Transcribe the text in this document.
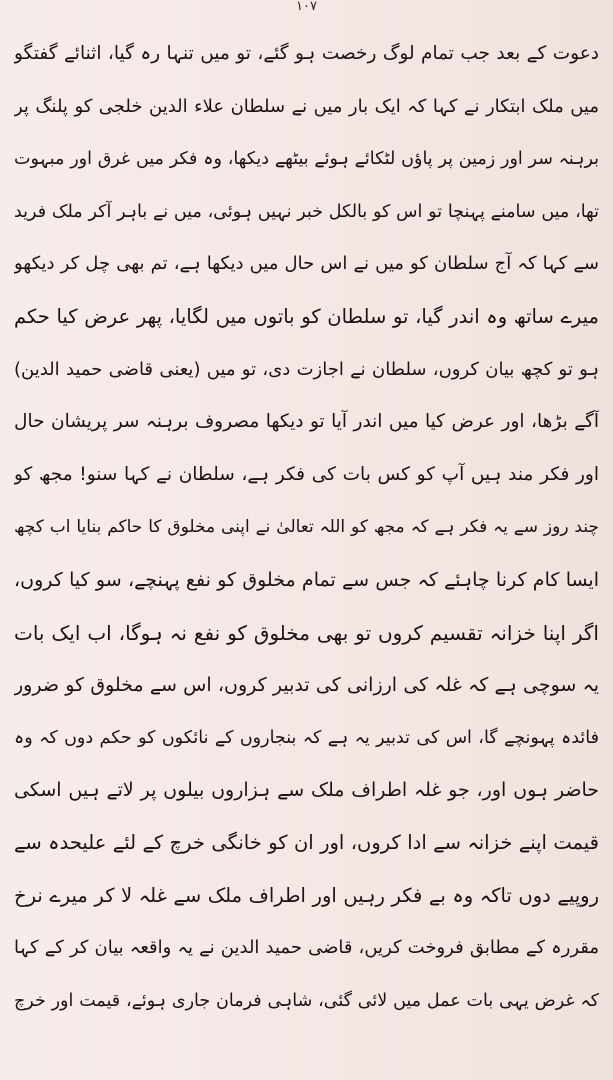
۱۰۷
دعوت کے بعد جب تمام لوگ رخصت ہو گئے، تو میں تنہا رہ گیا، اثنائے گفتگو
میں ملک ابتکار نے کہا کہ ایک بار میں نے سلطان علاء الدین خلجی کو پلنگ پر
برہنہ سر اور زمین پر پاؤں لٹکائے ہوئے بیٹھے دیکھا، وہ فکر میں غرق اور مبہوت
تھا، میں سامنے پہنچا تو اس کو بالکل خبر نہیں ہوئی، میں نے باہر آکر ملک فرید
سے کہا کہ آج سلطان کو میں نے اس حال میں دیکھا ہے، تم بھی چل کر دیکھو
میرے ساتھ وہ اندر گیا، تو سلطان کو باتوں میں لگایا، پھر عرض کیا حکم
ہو تو کچھ بیان کروں، سلطان نے اجازت دی، تو میں (یعنی قاضی حمید الدین)
آگے بڑھا، اور عرض کیا میں اندر آیا تو دیکھا مصروف برہنہ سر پریشان حال
اور فکر مند ہیں آپ کو کس بات کی فکر ہے، سلطان نے کہا سنو! مجھ کو
چند روز سے یہ فکر ہے کہ مجھ کو اللہ تعالیٰ نے اپنی مخلوق کا حاکم بنایا اب کچھ
ایسا کام کرنا چاہئے کہ جس سے تمام مخلوق کو نفع پہنچے، سو کیا کروں،
اگر اپنا خزانہ تقسیم کروں تو بھی مخلوق کو نفع نہ ہوگا، اب ایک بات
یہ سوچی ہے کہ غلہ کی ارزانی کی تدبیر کروں، اس سے مخلوق کو ضرور
فائدہ پہونچے گا، اس کی تدبیر یہ ہے کہ بنجاروں کے نائکوں کو حکم دوں کہ وہ
حاضر ہوں اور، جو غلہ اطراف ملک سے ہزاروں بیلوں پر لاتے ہیں اسکی
قیمت اپنے خزانہ سے ادا کروں، اور ان کو خانگی خرچ کے لئے علیحدہ سے
روپیے دوں تاکہ وہ بے فکر رہیں اور اطراف ملک سے غلہ لا کر میرے نرخ
مقررہ کے مطابق فروخت کریں، قاضی حمید الدین نے یہ واقعہ بیان کر کے کہا
کہ غرض یہی بات عمل میں لائی گئی، شاہی فرمان جاری ہوئے، قیمت اور خرچ
